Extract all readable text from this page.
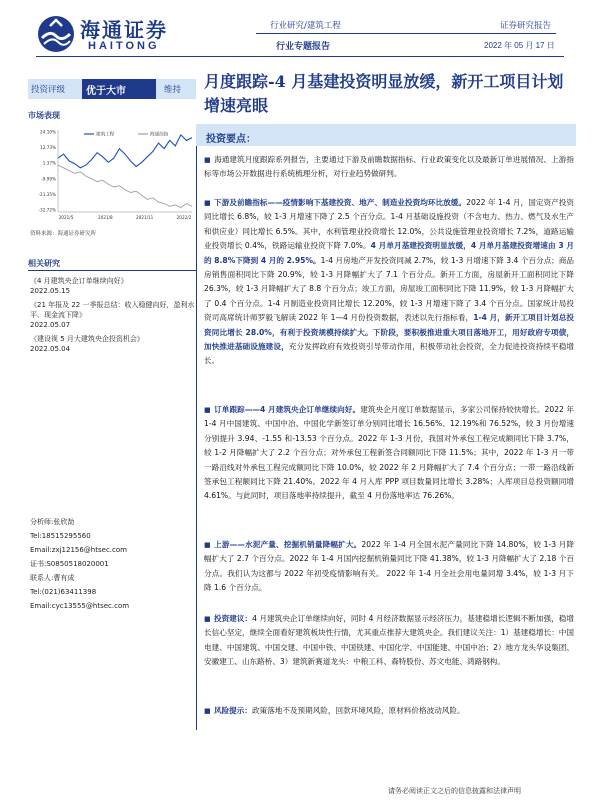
海通证券
HAITONG
行业研究/建筑工程
行业专题报告
证券研究报告
2022 年 05 月 17 日
投资评级	优于大市	维持	月度跟踪-4 月基建投资明显放缓，新开工项目计划增速亮眼
市场表现
24.10%
12.73%
1.37%
-9.99%
-21.35%
-32.72%
2021/5	2021/8	2021/11	2022/2
建筑工程	海通综指
资料来源：海通证券研究所
相关研究
《4 月建筑央企订单继续向好》
2022.05.15
《21 年报及 22 一季报总结：收入稳健向好，盈利水平、现金流下降》
2022.05.07
《建设视 5 月大建筑央企投资机会》
2022.05.04
分析师:张欣劼
Tel:18515295560
Email:zxj12156@htsec.com
证书:S0850518020001
联系人:曹有成
Tel:(021)63411398
Email:cyc13555@htsec.com
投资要点：
■ 海通建筑月度跟踪系列报告，主要通过下游及前瞻数据指标、行业政策变化以及最新订单进展情况、上游指标等市场公开数据进行系统梳理分析，对行业趋势做研判。
■ 下游及前瞻指标——疫情影响下基建投资、地产、制造业投资均环比放缓。2022 年 1-4 月，国定资产投资同比增长 6.8%，较 1-3 月增速下降了 2.5 个百分点。1-4 月基础设施投资（不含电力、热力、燃气及水生产和供应业）同比增长 6.5%。其中，水利管理业投资增长 12.0%，公共设施管理业投资增长 7.2%，道路运输业投资增长 0.4%，铁路运输业投资下降 7.0%。4 月单月基建投资明显放缓，4 月单月基建投资增速由 3 月的 8.8%下降到 4 月的 2.95%。1-4 月房地产开发投资同减 2.7%，较 1-3 月增速下降 3.4 个百分点；商品房销售面积同比下降 20.9%，较 1-3 月降幅扩大了 7.1 个百分点。新开工方面，房屋新开工面积同比下降 26.3%，较 1-3 月降幅扩大了 8.8 个百分点；竣工方面，房屋竣工面积同比下降 11.9%，较 1-3 月降幅扩大了 0.4 个百分点。1-4 月制造业投资同比增长 12.20%，较 1-3 月增速下降了 3.4 个百分点。国家统计局投资司高席统计师罗毅飞解读 2022 年 1—4 月份投资数据，表述以先行指标看，1-4 月，新开工项目计划总投资同比增长 28.0%，有利于投资规模持续扩大。下阶段，要积极推进重大项目落地开工，用好政府专项债，加快推进基础设施建设，充分发挥政府有效投资引导带动作用，积极带动社会投资，全力促进投资持续平稳增长。
■ 订单跟踪——4 月建筑央企订单继续向好。建筑央企月度订单数据显示，多家公司保持较快增长。2022 年 1-4 月中国建筑、中国中冶、中国化学新签订单分别同比增长 16.56%、12.19%和 76.52%，较 3 月份增速分别提升 3.94、-1.55 和-13.53 个百分点。2022 年 1-3 月份，我国对外承包工程完成额同比下降 3.7%，较 1-2 月降幅扩大了 2.2 个百分点；对外承包工程新签合同额同比下降 11.5%；其中，2022 年 1-3 月一带一路沿线对外承包工程完成额同比下降 10.0%，较 2022 年 2 月降幅扩大了 7.4 个百分点；一带一路沿线新签承包工程额同比下降 21.40%。2022 年 4 月入库 PPP 项目数量同比增长 3.28%；入库项目总投资额同增 4.61%。与此同时，项目落地率持续提升，截至 4 月份落地率达 76.26%。
■ 上游——水泥产量、挖掘机销量降幅扩大。2022 年 1-4 月全国水泥产量同比下降 14.80%，较 1-3 月降幅扩大了 2.7 个百分点。2022 年 1-4 月国内挖掘机销量同比下降 41.38%，较 1-3 月降幅扩大了 2.18 个百分点。我们认为这都与 2022 年初受疫情影响有关。 2022 年 1-4 月全社会用电量同增 3.4%，较 1-3 月下降 1.6 个百分点。
■ 投资建议：4 月建筑央企订单继续向好，同时 4 月经济数据显示经济压力，基建稳增长逻辑不断加强，稳增长信心坚定，继续全面看好建筑板块性行情，尤其重点推荐大建筑央企。我们建议关注：1）基建稳增长：中国电建、中国建筑、中国交建、中国中铁、中国铁建、中国化学、中国能建、中国中冶；2）地方龙头华设集团、安徽建工、山东路桥、3）建筑新赛道龙头：中粮工科、森特股份、苏文电能、鸿路钢构。
■ 风险提示：政策落地不及预期风险，回款环境风险，原材料价格波动风险。
请务必阅读正文之后的信息披露和法律声明
